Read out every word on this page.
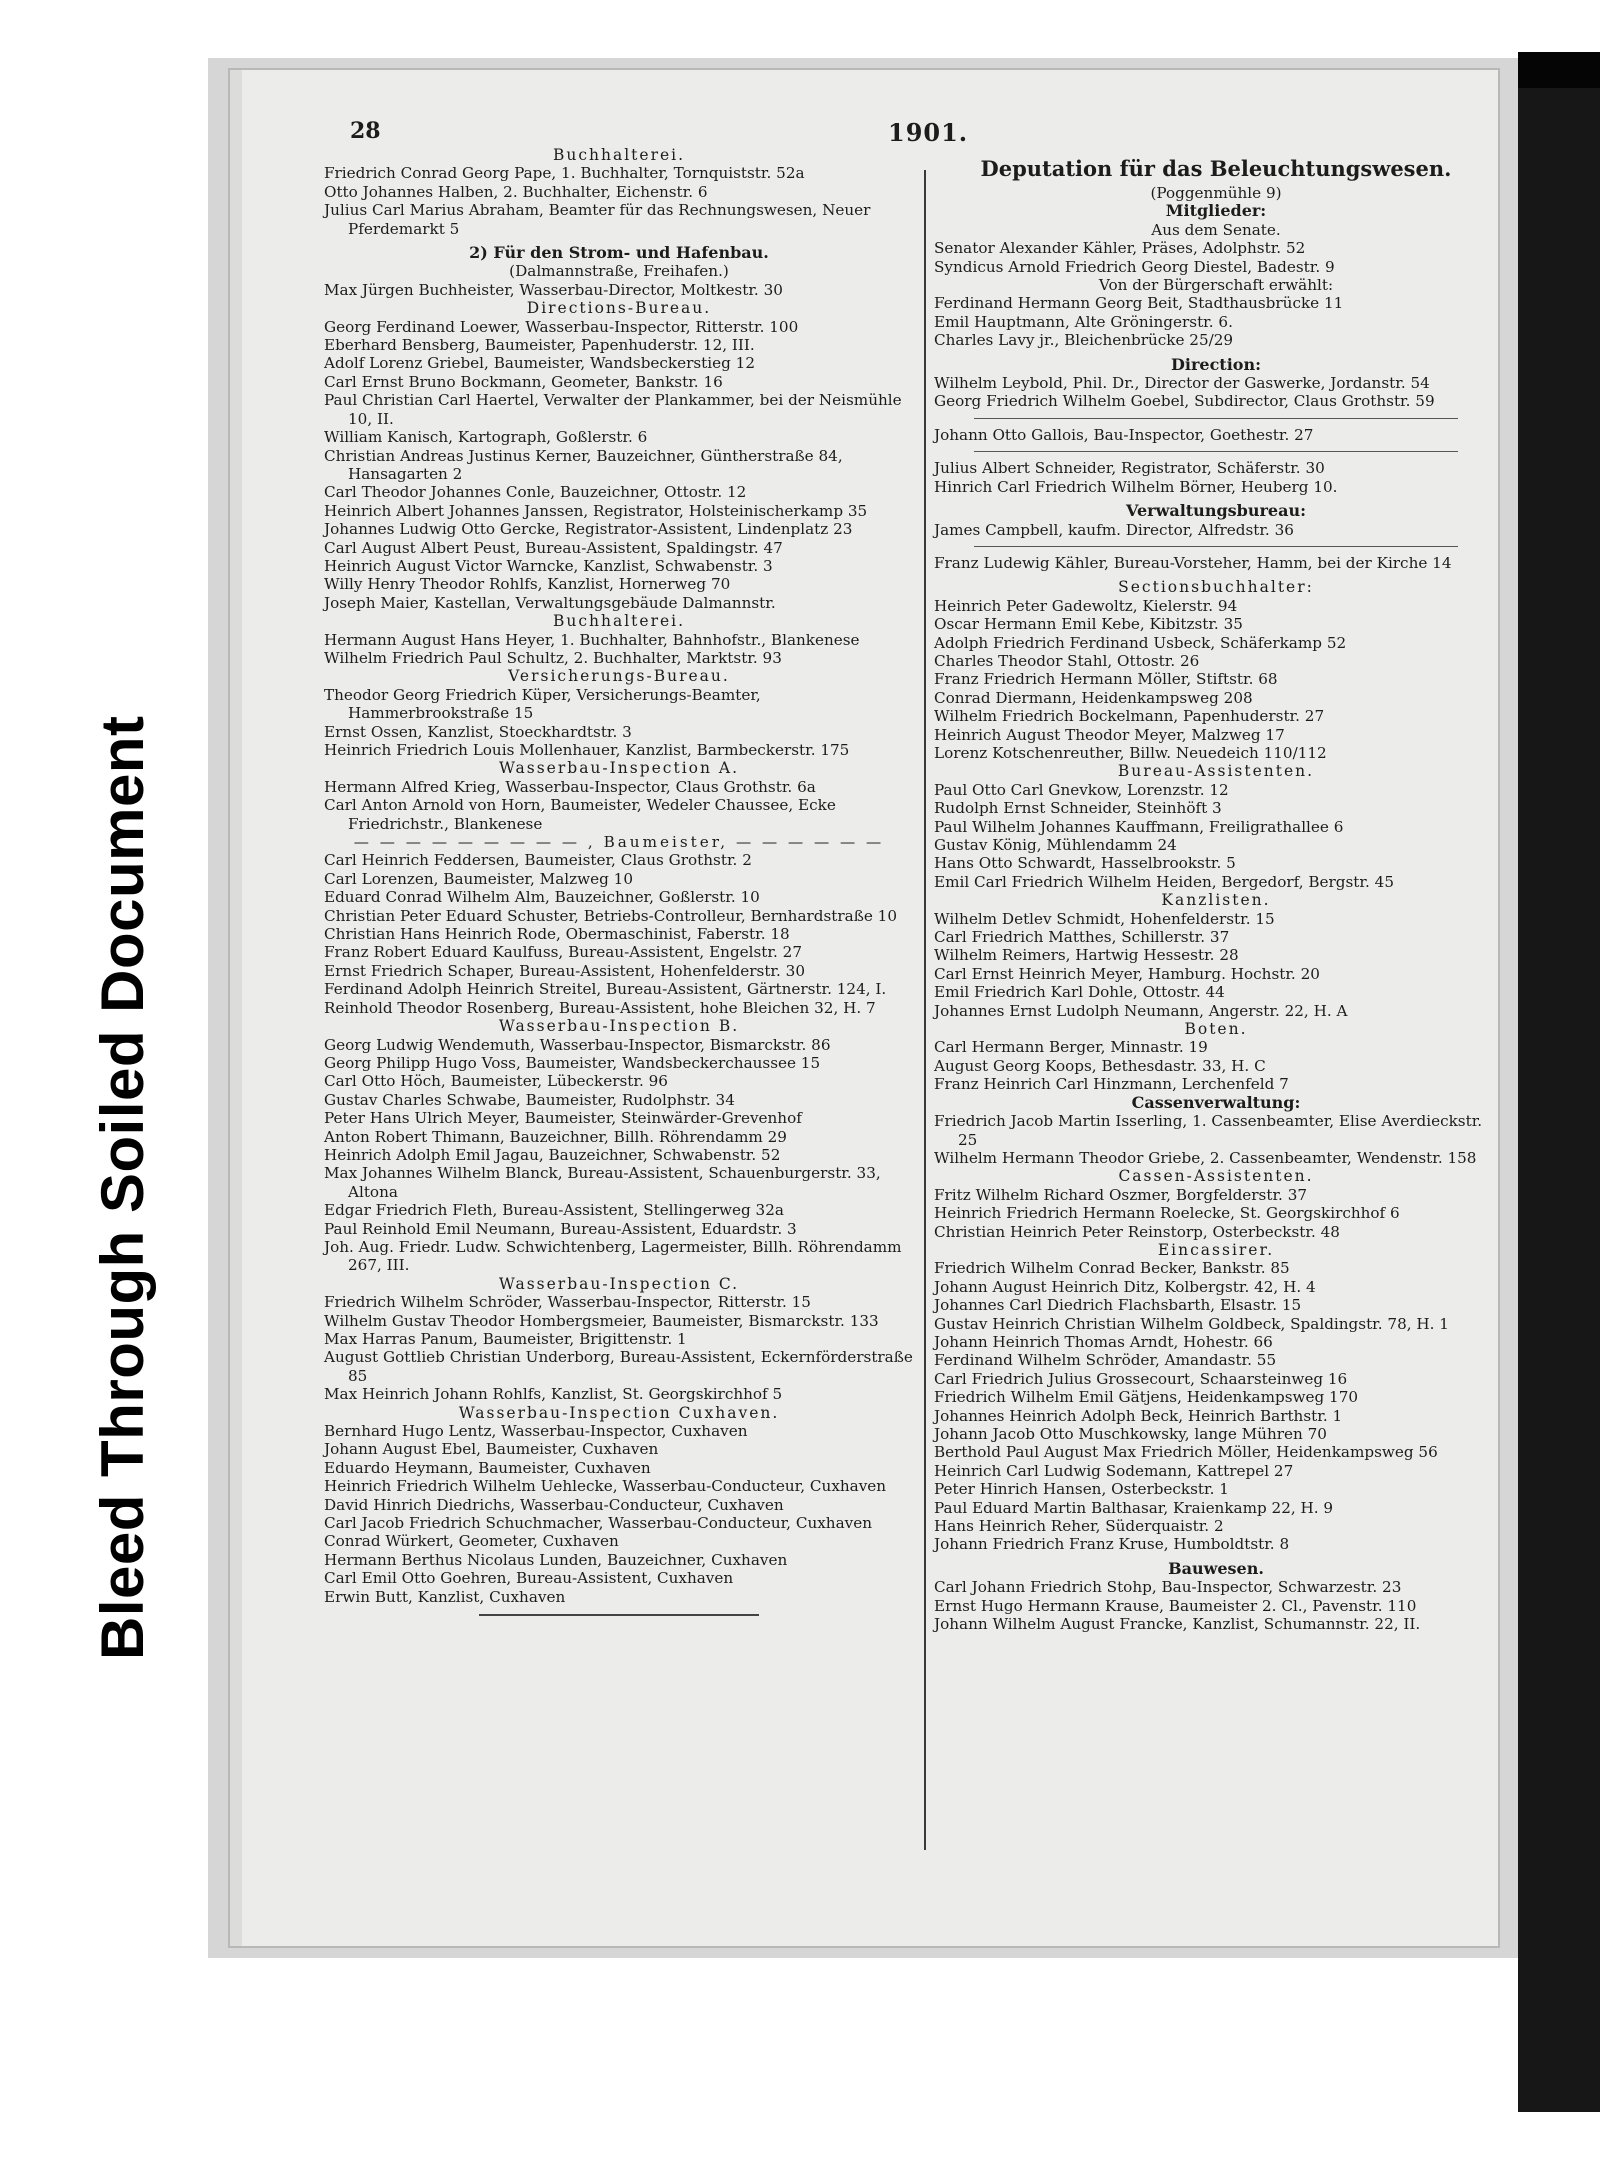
Bleed Through Soiled Document
28	1901.
Buchhalterei.
Friedrich Conrad Georg Pape, 1. Buchhalter, Tornquiststr. 52a
Otto Johannes Halben, 2. Buchhalter, Eichenstr. 6
Julius Carl Marius Abraham, Beamter für das Rechnungswesen, Neuer Pferdemarkt 5
2) Für den Strom- und Hafenbau.
(Dalmannstraße, Freihafen.)
Max Jürgen Buchheister, Wasserbau-Director, Moltkestr. 30
Directions-Bureau.
Georg Ferdinand Loewer, Wasserbau-Inspector, Ritterstr. 100
Eberhard Bensberg, Baumeister, Papenhuderstr. 12, III.
Adolf Lorenz Griebel, Baumeister, Wandsbeckerstieg 12
Carl Ernst Bruno Bockmann, Geometer, Bankstr. 16
Paul Christian Carl Haertel, Verwalter der Plankammer, bei der Neismühle 10, II.
William Kanisch, Kartograph, Goßlerstr. 6
Christian Andreas Justinus Kerner, Bauzeichner, Güntherstraße 84, Hansagarten 2
Carl Theodor Johannes Conle, Bauzeichner, Ottostr. 12
Heinrich Albert Johannes Janssen, Registrator, Holsteinischerkamp 35
Johannes Ludwig Otto Gercke, Registrator-Assistent, Lindenplatz 23
Carl August Albert Peust, Bureau-Assistent, Spaldingstr. 47
Heinrich August Victor Warncke, Kanzlist, Schwabenstr. 3
Willy Henry Theodor Rohlfs, Kanzlist, Hornerweg 70
Joseph Maier, Kastellan, Verwaltungsgebäude Dalmannstr.
Buchhalterei.
Hermann August Hans Heyer, 1. Buchhalter, Bahnhofstr., Blankenese
Wilhelm Friedrich Paul Schultz, 2. Buchhalter, Marktstr. 93
Versicherungs-Bureau.
Theodor Georg Friedrich Küper, Versicherungs-Beamter, Hammerbrookstraße 15
Ernst Ossen, Kanzlist, Stoeckhardtstr. 3
Heinrich Friedrich Louis Mollenhauer, Kanzlist, Barmbeckerstr. 175
Wasserbau-Inspection A.
Hermann Alfred Krieg, Wasserbau-Inspector, Claus Grothstr. 6a
Carl Anton Arnold von Horn, Baumeister, Wedeler Chaussee, Ecke Friedrichstr., Blankenese
— — — — — — — — — , Baumeister, — — — — — —
Carl Heinrich Feddersen, Baumeister, Claus Grothstr. 2
Carl Lorenzen, Baumeister, Malzweg 10
Eduard Conrad Wilhelm Alm, Bauzeichner, Goßlerstr. 10
Christian Peter Eduard Schuster, Betriebs-Controlleur, Bernhardstraße 10
Christian Hans Heinrich Rode, Obermaschinist, Faberstr. 18
Franz Robert Eduard Kaulfuss, Bureau-Assistent, Engelstr. 27
Ernst Friedrich Schaper, Bureau-Assistent, Hohenfelderstr. 30
Ferdinand Adolph Heinrich Streitel, Bureau-Assistent, Gärtnerstr. 124, I.
Reinhold Theodor Rosenberg, Bureau-Assistent, hohe Bleichen 32, H. 7
Wasserbau-Inspection B.
Georg Ludwig Wendemuth, Wasserbau-Inspector, Bismarckstr. 86
Georg Philipp Hugo Voss, Baumeister, Wandsbeckerchaussee 15
Carl Otto Höch, Baumeister, Lübeckerstr. 96
Gustav Charles Schwabe, Baumeister, Rudolphstr. 34
Peter Hans Ulrich Meyer, Baumeister, Steinwärder-Grevenhof
Anton Robert Thimann, Bauzeichner, Billh. Röhrendamm 29
Heinrich Adolph Emil Jagau, Bauzeichner, Schwabenstr. 52
Max Johannes Wilhelm Blanck, Bureau-Assistent, Schauenburgerstr. 33, Altona
Edgar Friedrich Fleth, Bureau-Assistent, Stellingerweg 32a
Paul Reinhold Emil Neumann, Bureau-Assistent, Eduardstr. 3
Joh. Aug. Friedr. Ludw. Schwichtenberg, Lagermeister, Billh. Röhrendamm 267, III.
Wasserbau-Inspection C.
Friedrich Wilhelm Schröder, Wasserbau-Inspector, Ritterstr. 15
Wilhelm Gustav Theodor Hombergsmeier, Baumeister, Bismarckstr. 133
Max Harras Panum, Baumeister, Brigittenstr. 1
August Gottlieb Christian Underborg, Bureau-Assistent, Eckernförderstraße 85
Max Heinrich Johann Rohlfs, Kanzlist, St. Georgskirchhof 5
Wasserbau-Inspection Cuxhaven.
Bernhard Hugo Lentz, Wasserbau-Inspector, Cuxhaven
Johann August Ebel, Baumeister, Cuxhaven
Eduardo Heymann, Baumeister, Cuxhaven
Heinrich Friedrich Wilhelm Uehlecke, Wasserbau-Conducteur, Cuxhaven
David Hinrich Diedrichs, Wasserbau-Conducteur, Cuxhaven
Carl Jacob Friedrich Schuchmacher, Wasserbau-Conducteur, Cuxhaven
Conrad Würkert, Geometer, Cuxhaven
Hermann Berthus Nicolaus Lunden, Bauzeichner, Cuxhaven
Carl Emil Otto Goehren, Bureau-Assistent, Cuxhaven
Erwin Butt, Kanzlist, Cuxhaven
Deputation für das Beleuchtungswesen.
(Poggenmühle 9)
Mitglieder:
Aus dem Senate.
Senator Alexander Kähler, Präses, Adolphstr. 52
Syndicus Arnold Friedrich Georg Diestel, Badestr. 9
Von der Bürgerschaft erwählt:
Ferdinand Hermann Georg Beit, Stadthausbrücke 11
Emil Hauptmann, Alte Gröningerstr. 6.
Charles Lavy jr., Bleichenbrücke 25/29
Direction:
Wilhelm Leybold, Phil. Dr., Director der Gaswerke, Jordanstr. 54
Georg Friedrich Wilhelm Goebel, Subdirector, Claus Grothstr. 59
Johann Otto Gallois, Bau-Inspector, Goethestr. 27
Julius Albert Schneider, Registrator, Schäferstr. 30
Hinrich Carl Friedrich Wilhelm Börner, Heuberg 10.
Verwaltungsbureau:
James Campbell, kaufm. Director, Alfredstr. 36
Franz Ludewig Kähler, Bureau-Vorsteher, Hamm, bei der Kirche 14
Sectionsbuchhalter:
Heinrich Peter Gadewoltz, Kielerstr. 94
Oscar Hermann Emil Kebe, Kibitzstr. 35
Adolph Friedrich Ferdinand Usbeck, Schäferkamp 52
Charles Theodor Stahl, Ottostr. 26
Franz Friedrich Hermann Möller, Stiftstr. 68
Conrad Diermann, Heidenkampsweg 208
Wilhelm Friedrich Bockelmann, Papenhuderstr. 27
Heinrich August Theodor Meyer, Malzweg 17
Lorenz Kotschenreuther, Billw. Neuedeich 110/112
Bureau-Assistenten.
Paul Otto Carl Gnevkow, Lorenzstr. 12
Rudolph Ernst Schneider, Steinhöft 3
Paul Wilhelm Johannes Kauffmann, Freiligrathallee 6
Gustav König, Mühlendamm 24
Hans Otto Schwardt, Hasselbrookstr. 5
Emil Carl Friedrich Wilhelm Heiden, Bergedorf, Bergstr. 45
Kanzlisten.
Wilhelm Detlev Schmidt, Hohenfelderstr. 15
Carl Friedrich Matthes, Schillerstr. 37
Wilhelm Reimers, Hartwig Hessestr. 28
Carl Ernst Heinrich Meyer, Hamburg. Hochstr. 20
Emil Friedrich Karl Dohle, Ottostr. 44
Johannes Ernst Ludolph Neumann, Angerstr. 22, H. A
Boten.
Carl Hermann Berger, Minnastr. 19
August Georg Koops, Bethesdastr. 33, H. C
Franz Heinrich Carl Hinzmann, Lerchenfeld 7
Cassenverwaltung:
Friedrich Jacob Martin Isserling, 1. Cassenbeamter, Elise Averdieckstr. 25
Wilhelm Hermann Theodor Griebe, 2. Cassenbeamter, Wendenstr. 158
Cassen-Assistenten.
Fritz Wilhelm Richard Oszmer, Borgfelderstr. 37
Heinrich Friedrich Hermann Roelecke, St. Georgskirchhof 6
Christian Heinrich Peter Reinstorp, Osterbeckstr. 48
Eincassirer.
Friedrich Wilhelm Conrad Becker, Bankstr. 85
Johann August Heinrich Ditz, Kolbergstr. 42, H. 4
Johannes Carl Diedrich Flachsbarth, Elsastr. 15
Gustav Heinrich Christian Wilhelm Goldbeck, Spaldingstr. 78, H. 1
Johann Heinrich Thomas Arndt, Hohestr. 66
Ferdinand Wilhelm Schröder, Amandastr. 55
Carl Friedrich Julius Grossecourt, Schaarsteinweg 16
Friedrich Wilhelm Emil Gätjens, Heidenkampsweg 170
Johannes Heinrich Adolph Beck, Heinrich Barthstr. 1
Johann Jacob Otto Muschkowsky, lange Mühren 70
Berthold Paul August Max Friedrich Möller, Heidenkampsweg 56
Heinrich Carl Ludwig Sodemann, Kattrepel 27
Peter Hinrich Hansen, Osterbeckstr. 1
Paul Eduard Martin Balthasar, Kraienkamp 22, H. 9
Hans Heinrich Reher, Süderquaistr. 2
Johann Friedrich Franz Kruse, Humboldtstr. 8
Bauwesen.
Carl Johann Friedrich Stohp, Bau-Inspector, Schwarzestr. 23
Ernst Hugo Hermann Krause, Baumeister 2. Cl., Pavenstr. 110
Johann Wilhelm August Francke, Kanzlist, Schumannstr. 22, II.
